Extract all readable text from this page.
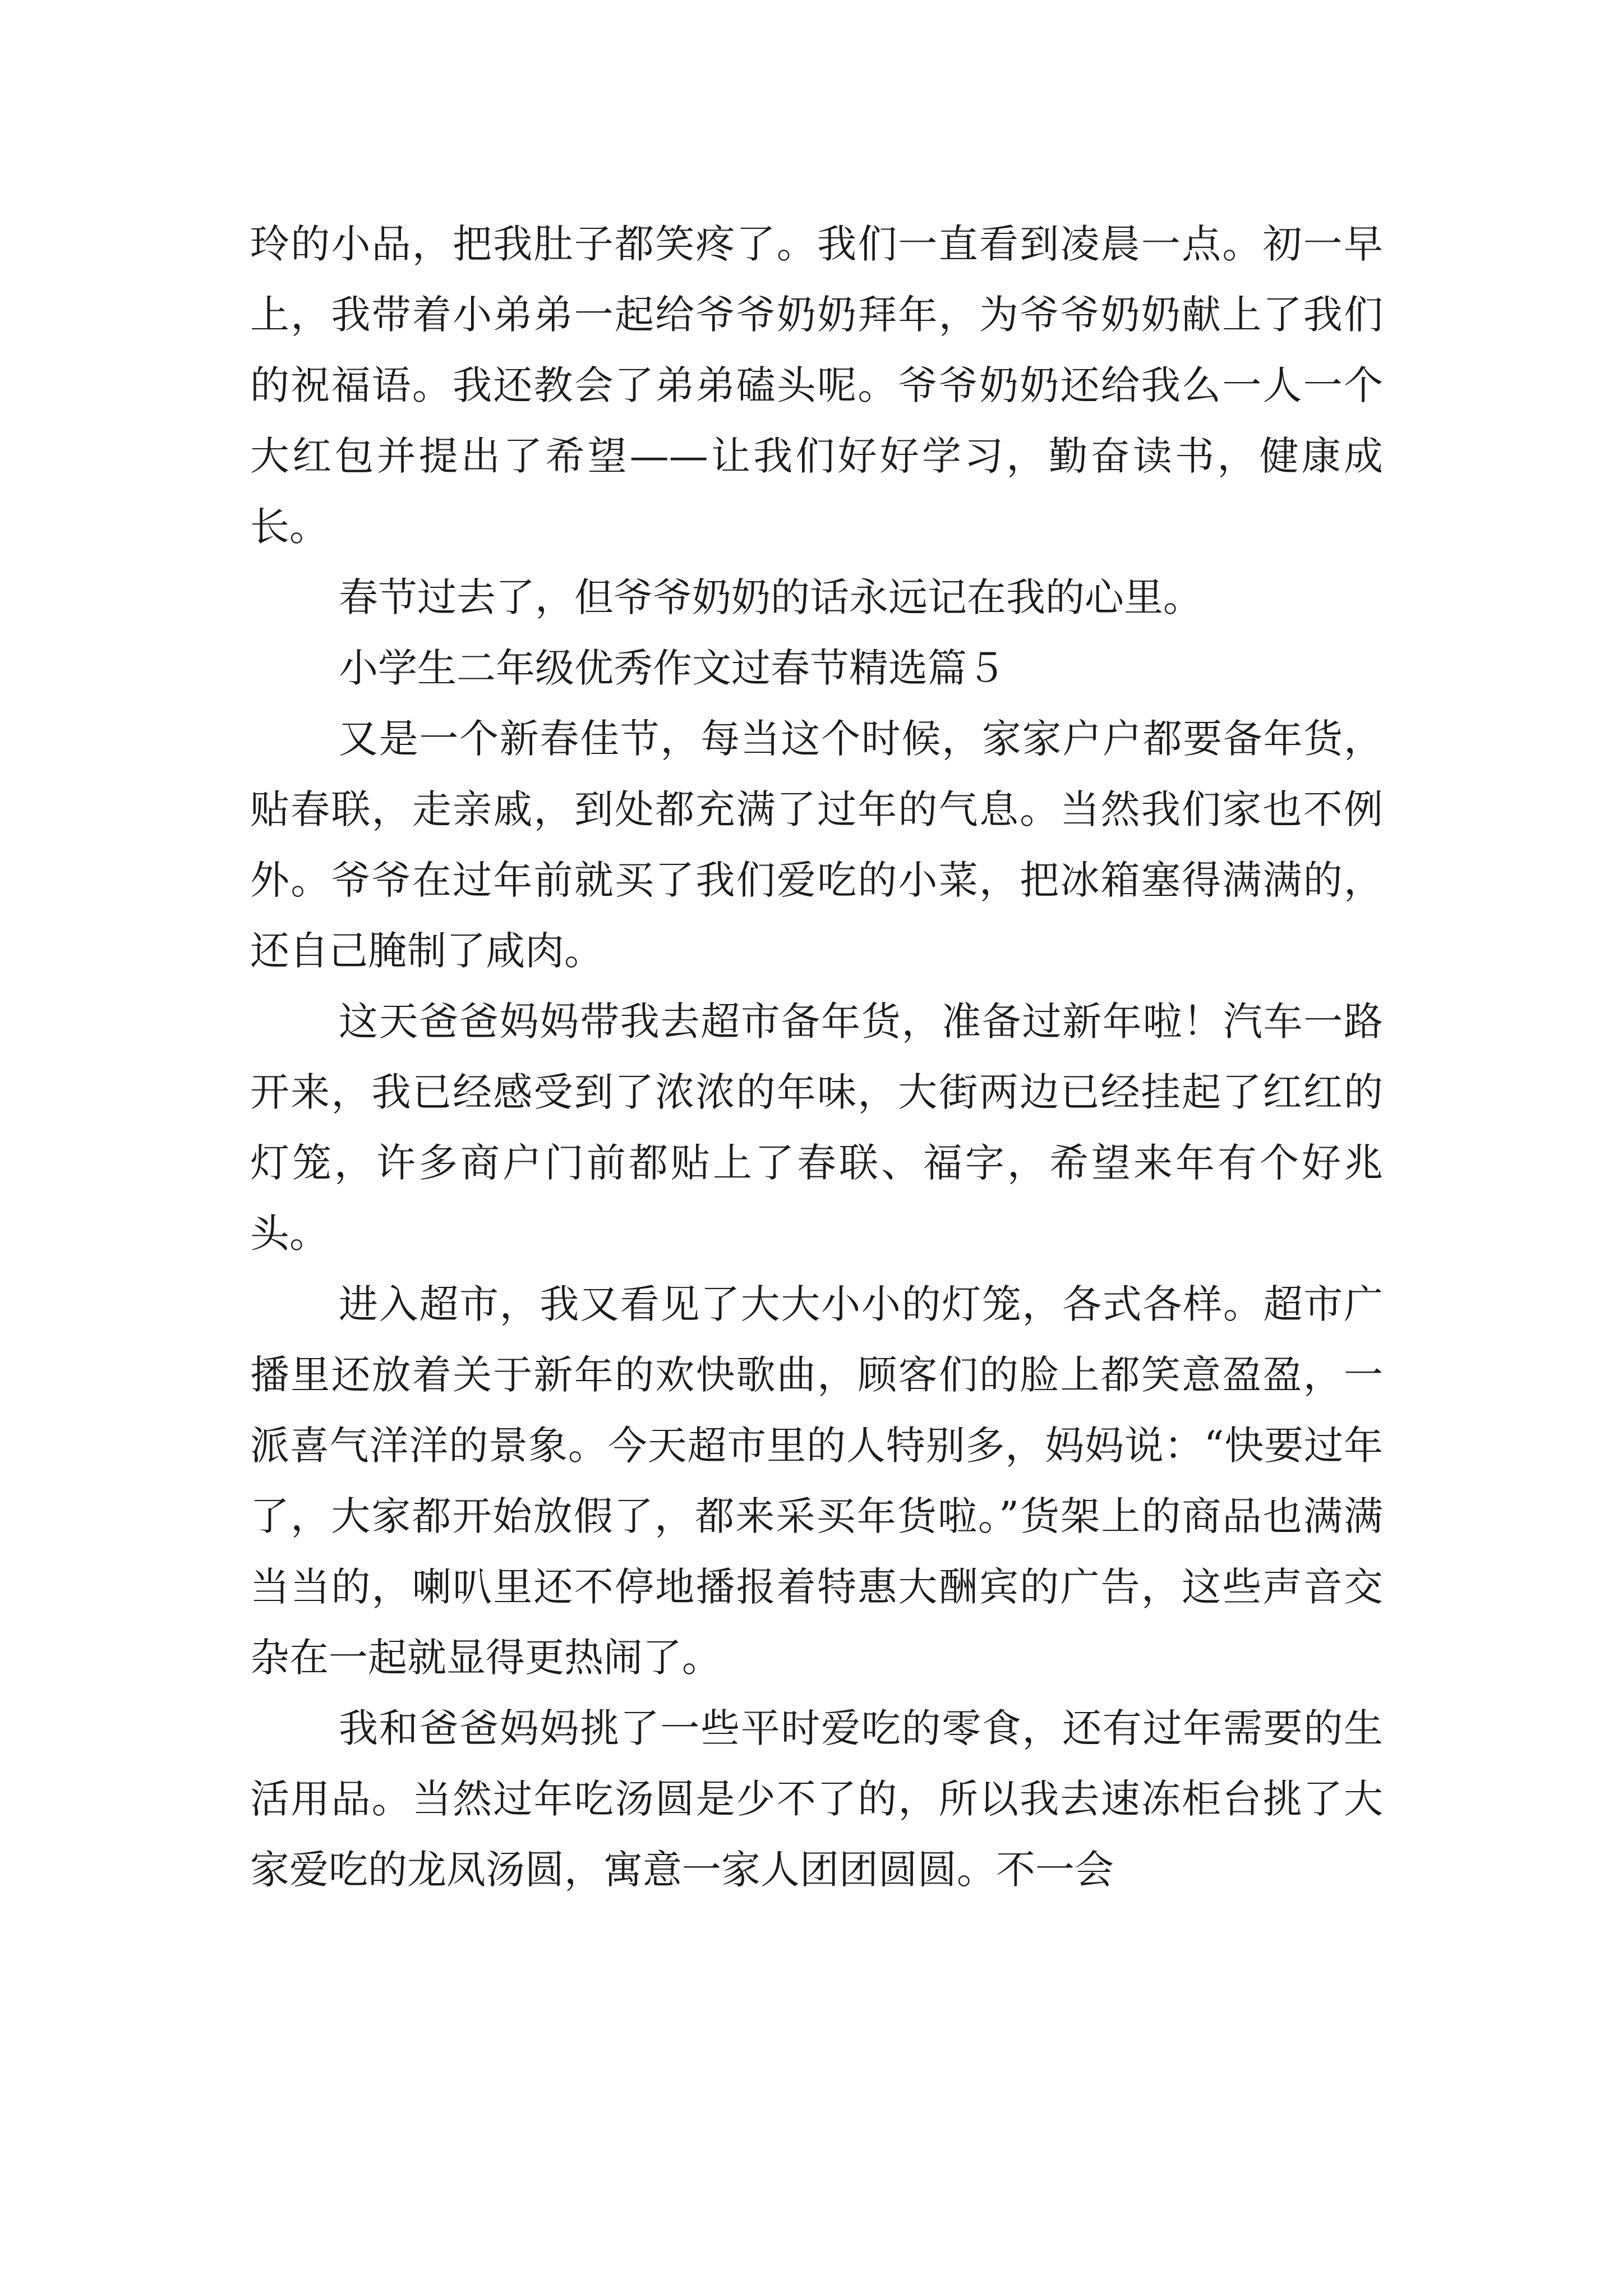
玲的小品，把我肚子都笑疼了。我们一直看到凌晨一点。初一早上，我带着小弟弟一起给爷爷奶奶拜年，为爷爷奶奶献上了我们的祝福语。我还教会了弟弟磕头呢。爷爷奶奶还给我么一人一个大红包并提出了希望——让我们好好学习，勤奋读书，健康成长。

春节过去了，但爷爷奶奶的话永远记在我的心里。

小学生二年级优秀作文过春节精选篇５

又是一个新春佳节，每当这个时候，家家户户都要备年货，贴春联，走亲戚，到处都充满了过年的气息。当然我们家也不例外。爷爷在过年前就买了我们爱吃的小菜，把冰箱塞得满满的，还自己腌制了咸肉。

这天爸爸妈妈带我去超市备年货，准备过新年啦！汽车一路开来，我已经感受到了浓浓的年味，大街两边已经挂起了红红的灯笼，许多商户门前都贴上了春联、福字，希望来年有个好兆头。

进入超市，我又看见了大大小小的灯笼，各式各样。超市广播里还放着关于新年的欢快歌曲，顾客们的脸上都笑意盈盈，一派喜气洋洋的景象。今天超市里的人特别多，妈妈说：“快要过年了，大家都开始放假了，都来采买年货啦。”货架上的商品也满满当当的，喇叭里还不停地播报着特惠大酬宾的广告，这些声音交杂在一起就显得更热闹了。

我和爸爸妈妈挑了一些平时爱吃的零食，还有过年需要的生活用品。当然过年吃汤圆是少不了的，所以我去速冻柜台挑了大家爱吃的龙凤汤圆，寓意一家人团团圆圆。不一会
